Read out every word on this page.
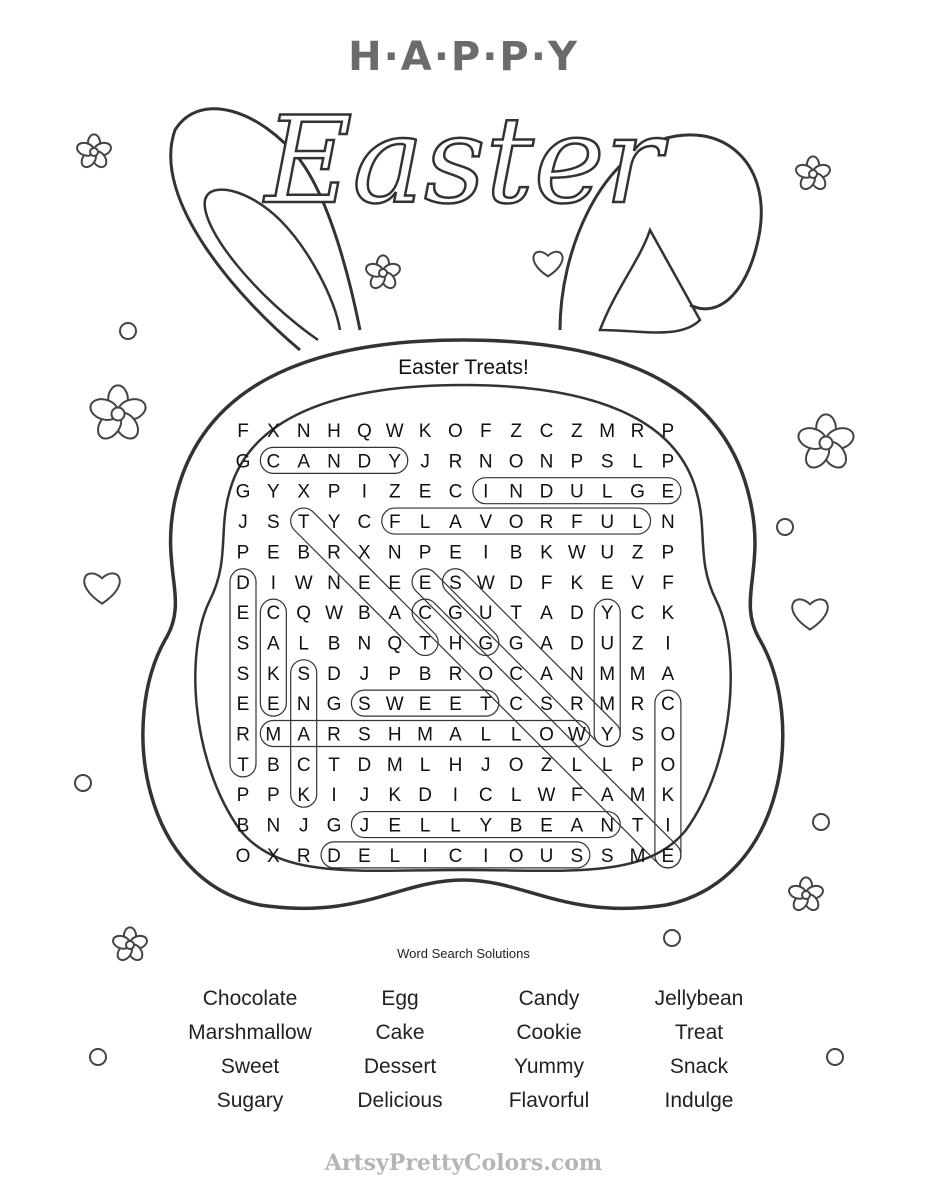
F X N H Q W K O F Z C Z M R P
G C A N D Y J R N O N P S L P
G Y X P I Z E C I N D U L G E
J S T Y C F L A V O R F U L N
P E B R X N P E I B K W U Z P
D I W N E E E S W D F K E V F
E C Q W B A C G U T A D Y C K
S A L B N Q T H G G A D U Z I
S K S D J P B R O C A N M M A
E E N G S W E E T C S R M R C
R M A R S H M A L L O W Y S O
T B C T D M L H J O Z L L P O
P P K I J K D I C L W F A M K
B N J G J E L L Y B E A N T I
O X R D E L I C I O U S S M E
H·A·P·P·Y
Easter
Easter Treats!
Word Search Solutions
Chocolate
Marshmallow
Sweet
Sugary
Egg
Cake
Dessert
Delicious
Candy
Cookie
Yummy
Flavorful
Jellybean
Treat
Snack
Indulge
ArtsyPrettyColors.com
